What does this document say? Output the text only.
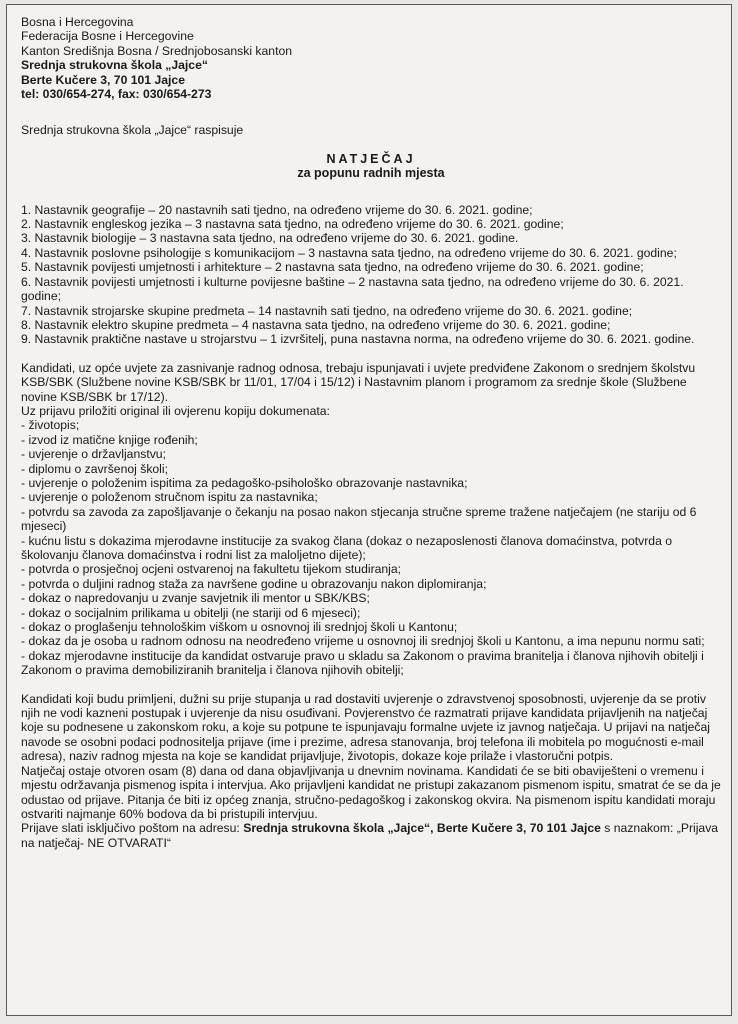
Bosna i Hercegovina
Federacija Bosne i Hercegovine
Kanton Središnja Bosna / Srednjobosanski kanton
Srednja strukovna škola „Jajce“
Berte Kučere 3, 70 101 Jajce
tel: 030/654-274, fax: 030/654-273
Srednja strukovna škola „Jajce“ raspisuje
NATJEČAJ
za popunu radnih mjesta
1. Nastavnik geografije – 20 nastavnih sati tjedno, na određeno vrijeme do 30. 6. 2021. godine;
2. Nastavnik engleskog jezika – 3 nastavna sata tjedno, na određeno vrijeme do 30. 6. 2021. godine;
3. Nastavnik biologije – 3 nastavna sata tjedno, na određeno vrijeme do 30. 6. 2021. godine.
4. Nastavnik poslovne psihologije s komunikacijom – 3 nastavna sata tjedno, na određeno vrijeme do 30. 6. 2021. godine;
5. Nastavnik povijesti umjetnosti i arhitekture – 2 nastavna sata tjedno, na određeno vrijeme do 30. 6. 2021. godine;
6. Nastavnik povijesti umjetnosti i kulturne povijesne baštine – 2 nastavna sata tjedno, na određeno vrijeme do 30. 6. 2021. godine;
7. Nastavnik strojarske skupine predmeta – 14 nastavnih sati tjedno, na određeno vrijeme do 30. 6. 2021. godine;
8. Nastavnik elektro skupine predmeta – 4 nastavna sata tjedno, na određeno vrijeme do 30. 6. 2021. godine;
9. Nastavnik praktične nastave u strojarstvu – 1 izvršitelj, puna nastavna norma, na određeno vrijeme do 30. 6. 2021. godine.
Kandidati, uz opće uvjete za zasnivanje radnog odnosa, trebaju ispunjavati i uvjete predviđene Zakonom o srednjem školstvu KSB/SBK (Službene novine KSB/SBK br 11/01, 17/04 i 15/12) i Nastavnim planom i programom za srednje škole (Službene novine KSB/SBK br 17/12).
Uz prijavu priložiti original ili ovjerenu kopiju dokumenata:
- životopis;
- izvod iz matične knjige rođenih;
- uvjerenje o državljanstvu;
- diplomu o završenoj školi;
- uvjerenje o položenim ispitima za pedagoško-psihološko obrazovanje nastavnika;
- uvjerenje o položenom stručnom ispitu za nastavnika;
- potvrdu sa zavoda za zapošljavanje o čekanju na posao nakon stjecanja stručne spreme tražene natječajem (ne stariju od 6 mjeseci)
- kućnu listu s dokazima mjerodavne institucije za svakog člana (dokaz o nezaposlenosti članova domaćinstva, potvrda o školovanju članova domaćinstva i rodni list za maloljetno dijete);
- potvrda o prosječnoj ocjeni ostvarenoj na fakultetu tijekom studiranja;
- potvrda o duljini radnog staža za navršene godine u obrazovanju nakon diplomiranja;
- dokaz o napredovanju u zvanje savjetnik ili mentor u SBK/KBS;
- dokaz o socijalnim prilikama u obitelji (ne stariji od 6 mjeseci);
- dokaz o proglašenju tehnološkim viškom u osnovnoj ili srednjoj školi u Kantonu;
- dokaz da je osoba u radnom odnosu na neodređeno vrijeme u osnovnoj ili srednjoj školi u Kantonu, a ima nepunu normu sati;
- dokaz mjerodavne institucije da kandidat ostvaruje pravo u skladu sa Zakonom o pravima branitelja i članova njihovih obitelji i Zakonom o pravima demobiliziranih branitelja i članova njihovih obitelji;
Kandidati koji budu primljeni, dužni su prije stupanja u rad dostaviti uvjerenje o zdravstvenoj sposobnosti, uvjerenje da se protiv njih ne vodi kazneni postupak i uvjerenje da nisu osuđivani. Povjerenstvo će razmatrati prijave kandidata prijavljenih na natječaj koje su podnesene u zakonskom roku, a koje su potpune te ispunjavaju formalne uvjete iz javnog natječaja. U prijavi na natječaj navode se osobni podaci podnositelja prijave (ime i prezime, adresa stanovanja, broj telefona ili mobitela po mogućnosti e-mail adresa), naziv radnog mjesta na koje se kandidat prijavljuje, životopis, dokaze koje prilaže i vlastoručni potpis.
Natječaj ostaje otvoren osam (8) dana od dana objavljivanja u dnevnim novinama. Kandidati će se biti obaviješteni o vremenu i mjestu održavanja pismenog ispita i intervjua. Ako prijavljeni kandidat ne pristupi zakazanom pismenom ispitu, smatrat će se da je odustao od prijave. Pitanja će biti iz općeg znanja, stručno-pedagoškog i zakonskog okvira. Na pismenom ispitu kandidati moraju ostvariti najmanje 60% bodova da bi pristupili intervjuu.
Prijave slati isključivo poštom na adresu: Srednja strukovna škola „Jajce“, Berte Kučere 3, 70 101 Jajce s naznakom: „Prijava na natječaj- NE OTVARATI“
